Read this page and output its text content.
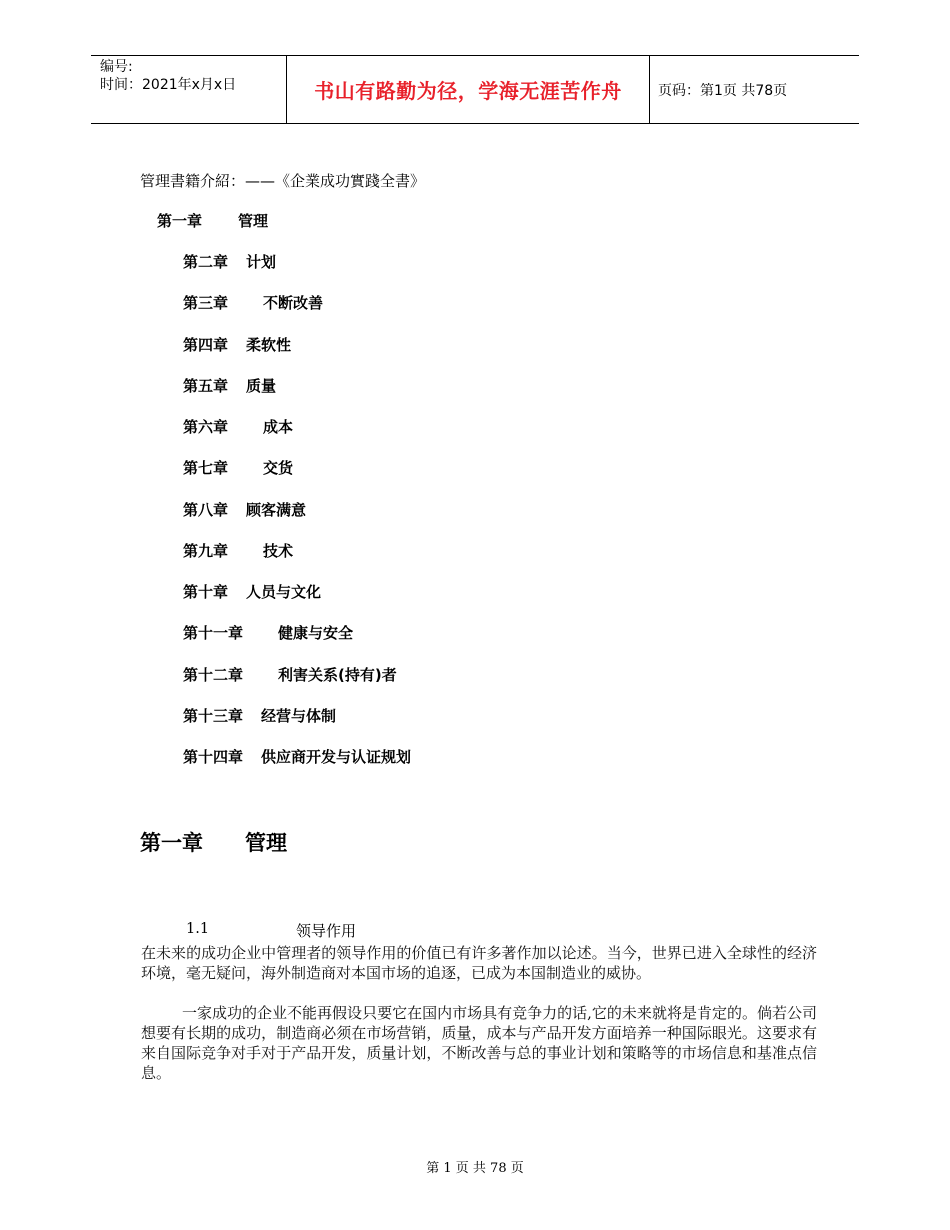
编号:
时间：2021年x月x日	书山有路勤为径，学海无涯苦作舟	页码：第1页 共78页
管理書籍介紹：——《企業成功實踐全書》
第一章 管理
第二章 计划
第三章 不断改善
第四章 柔软性
第五章 质量
第六章 成本
第七章 交货
第八章 顾客满意
第九章 技术
第十章 人员与文化
第十一章 健康与安全
第十二章 利害关系(持有)者
第十三章 经营与体制
第十四章 供应商开发与认证规划
第一章 管理
1.1	领导作用
在未来的成功企业中管理者的领导作用的价值已有许多著作加以论述。当今，世界已进入全球性的经济环境，毫无疑问，海外制造商对本国市场的追逐，已成为本国制造业的威协。
一家成功的企业不能再假设只要它在国内市场具有竞争力的话,它的未来就将是肯定的。倘若公司想要有长期的成功，制造商必须在市场营销，质量，成本与产品开发方面培养一种国际眼光。这要求有来自国际竞争对手对于产品开发，质量计划，不断改善与总的事业计划和策略等的市场信息和基准点信息。
第 1 页 共 78 页
